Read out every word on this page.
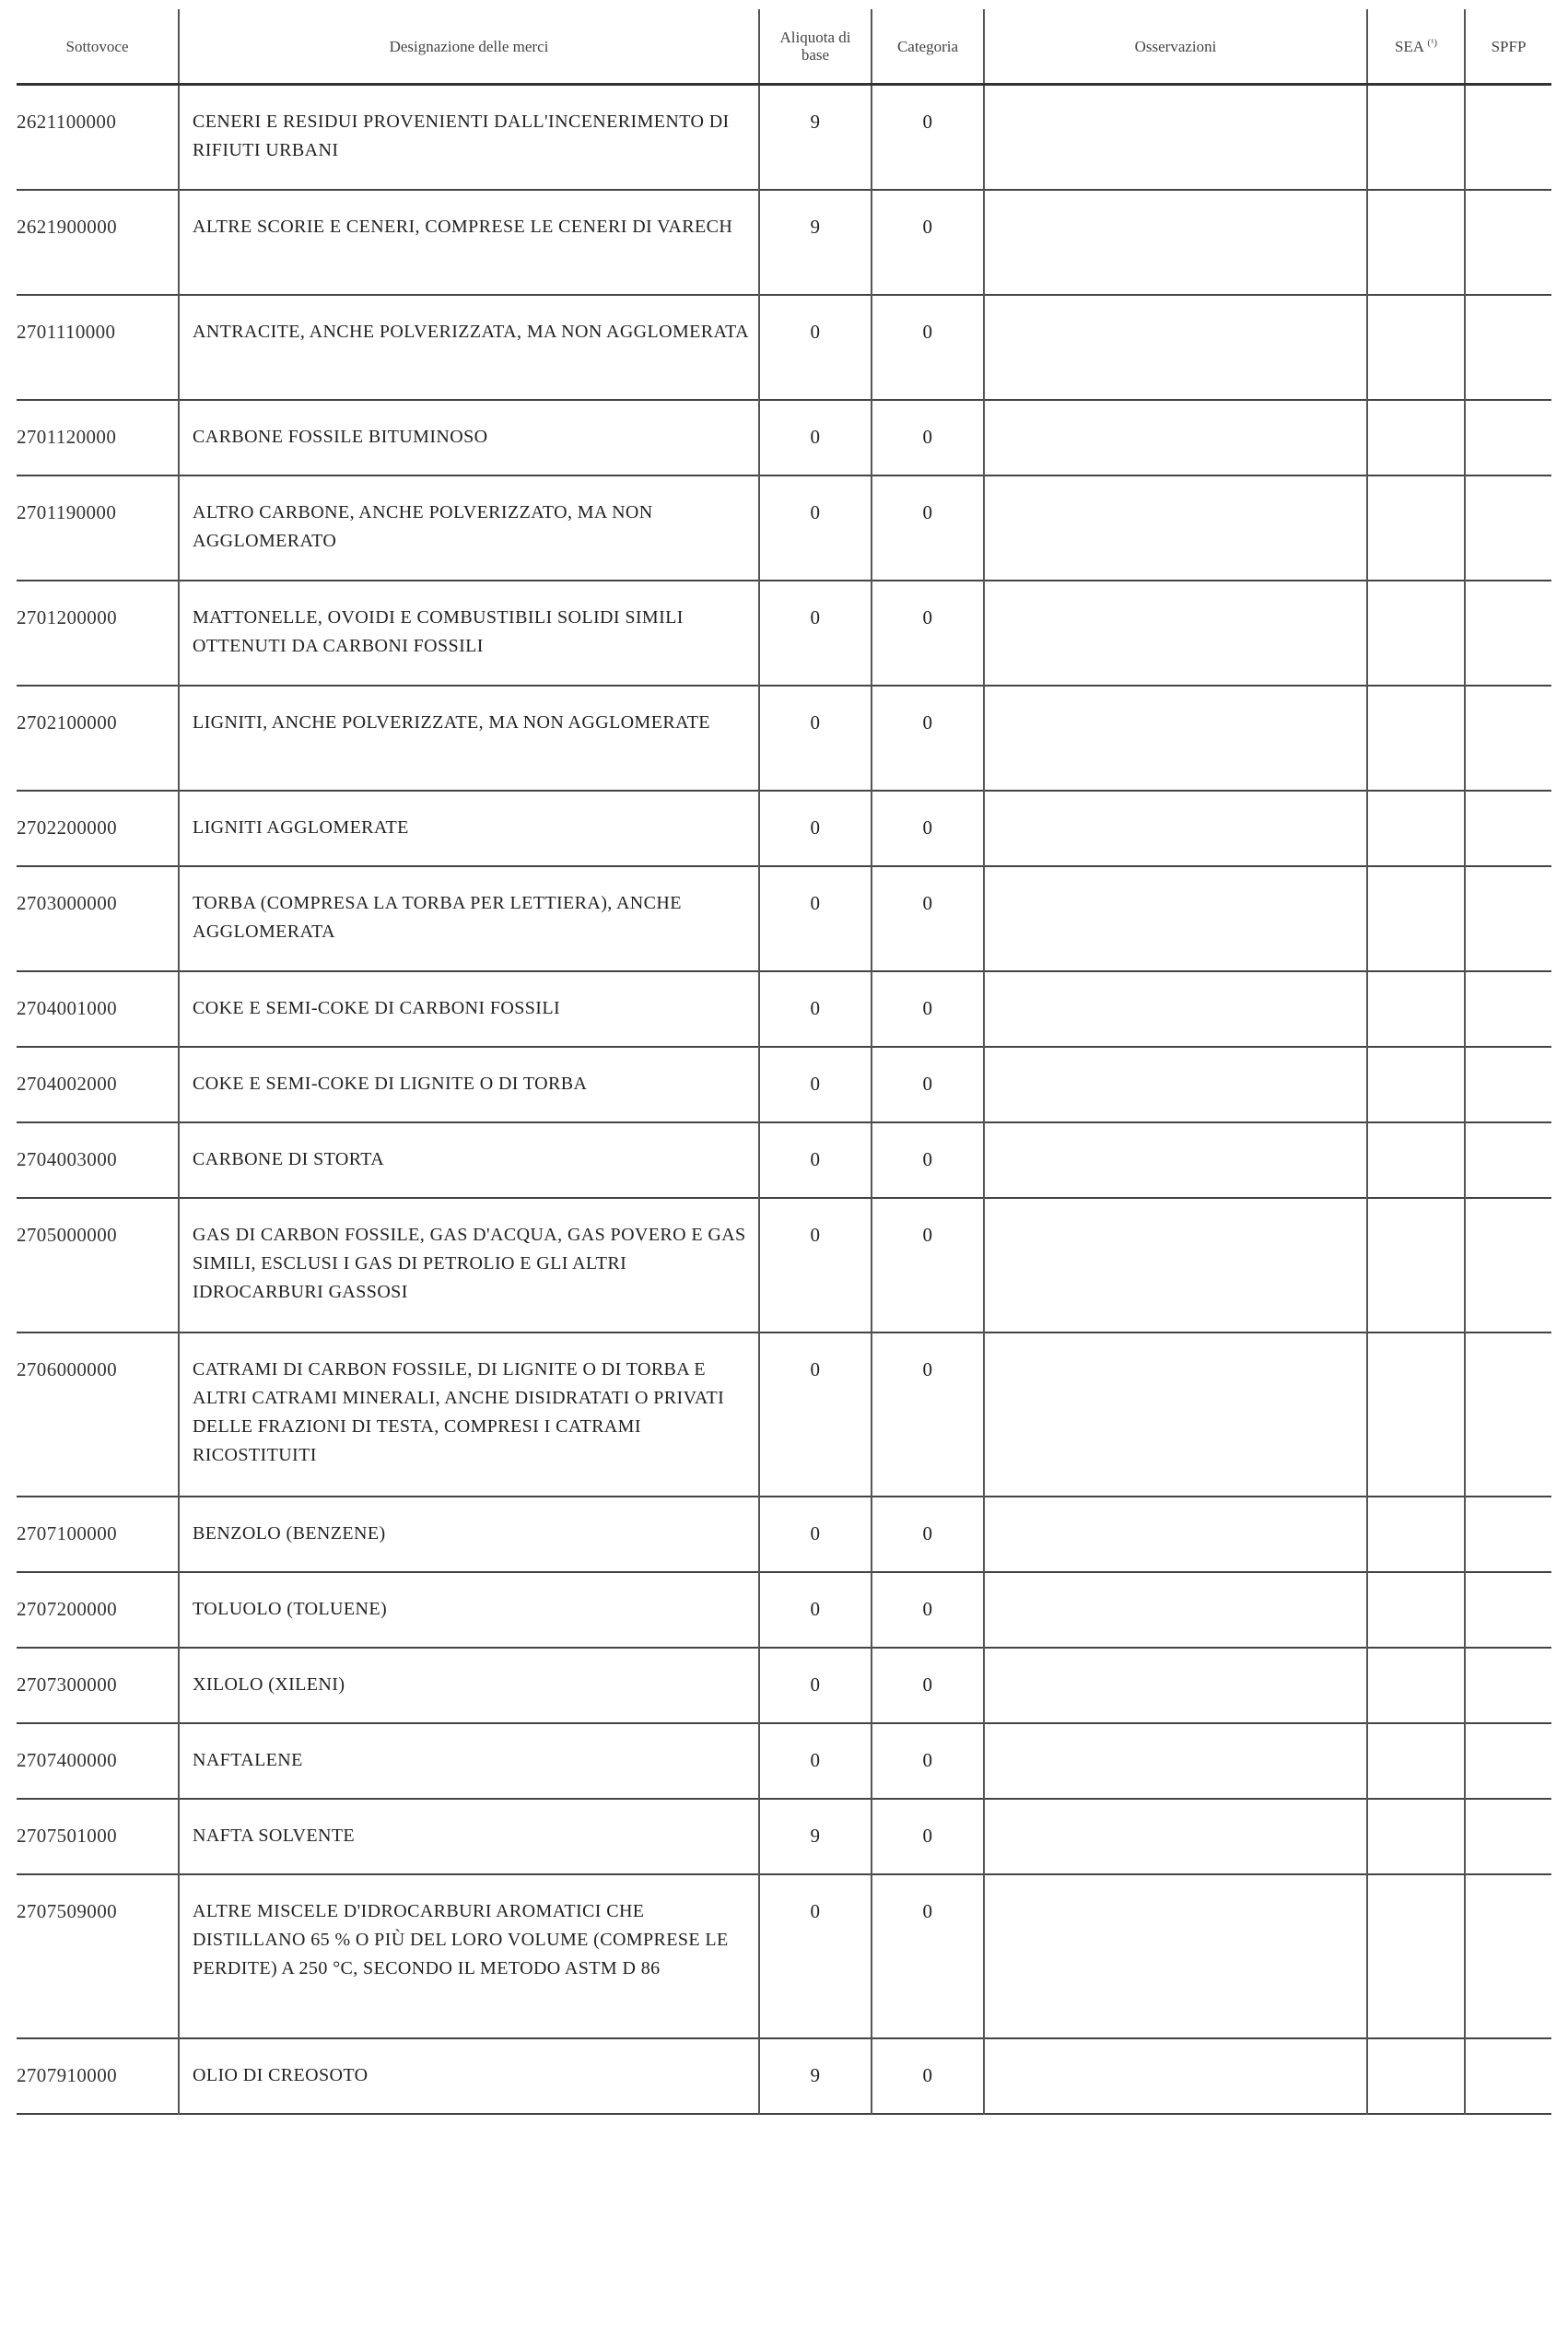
Sottovoce	Designazione delle merci	Aliquota di base	Categoria	Osservazioni	SEA $^{(^1)}$	SPFP
2621100000	CENERI E RESIDUI PROVENIENTI DALL'INCENERIMENTO DI RIFIUTI URBANI	9	0			
2621900000	ALTRE SCORIE E CENERI, COMPRESE LE CENERI DI VARECH	9	0			
2701110000	ANTRACITE, ANCHE POLVERIZZATA, MA NON AGGLOMERATA	0	0			
2701120000	CARBONE FOSSILE BITUMINOSO	0	0			
2701190000	ALTRO CARBONE, ANCHE POLVERIZZATO, MA NON AGGLOMERATO	0	0			
2701200000	MATTONELLE, OVOIDI E COMBUSTIBILI SOLIDI SIMILI OTTENUTI DA CARBONI FOSSILI	0	0			
2702100000	LIGNITI, ANCHE POLVERIZZATE, MA NON AGGLOMERATE	0	0			
2702200000	LIGNITI AGGLOMERATE	0	0			
2703000000	TORBA (COMPRESA LA TORBA PER LETTIERA), ANCHE AGGLOMERATA	0	0			
2704001000	COKE E SEMI-COKE DI CARBONI FOSSILI	0	0			
2704002000	COKE E SEMI-COKE DI LIGNITE O DI TORBA	0	0			
2704003000	CARBONE DI STORTA	0	0			
2705000000	GAS DI CARBON FOSSILE, GAS D'ACQUA, GAS POVERO E GAS SIMILI, ESCLUSI I GAS DI PETROLIO E GLI ALTRI IDROCARBURI GASSOSI	0	0			
2706000000	CATRAMI DI CARBON FOSSILE, DI LIGNITE O DI TORBA E ALTRI CATRAMI MINERALI, ANCHE DISIDRATATI O PRIVATI DELLE FRAZIONI DI TESTA, COMPRESI I CATRAMI RICOSTITUITI	0	0			
2707100000	BENZOLO (BENZENE)	0	0			
2707200000	TOLUOLO (TOLUENE)	0	0			
2707300000	XILOLO (XILENI)	0	0			
2707400000	NAFTALENE	0	0			
2707501000	NAFTA SOLVENTE	9	0			
2707509000	ALTRE MISCELE D'IDROCARBURI AROMATICI CHE DISTILLANO 65 % O PIÙ DEL LORO VOLUME (COMPRESE LE PERDITE) A 250 °C, SECONDO IL METODO ASTM D 86	0	0			
2707910000	OLIO DI CREOSOTO	9	0			
